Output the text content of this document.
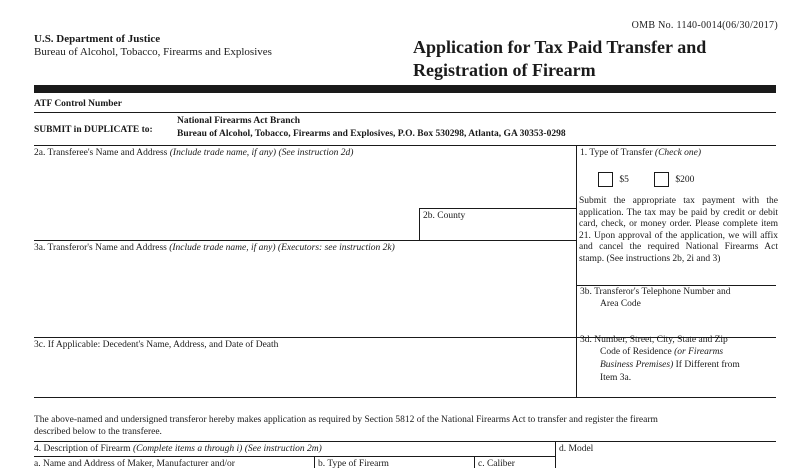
OMB No. 1140-0014(06/30/2017)
U.S. Department of Justice
Bureau of Alcohol, Tobacco, Firearms and Explosives	Application for Tax Paid Transfer and
Registration of Firearm
ATF Control Number
SUBMIT in DUPLICATE to:
National Firearms Act Branch
Bureau of Alcohol, Tobacco, Firearms and Explosives, P.O. Box 530298, Atlanta, GA 30353-0298
2a. Transferee's Name and Address (Include trade name, if any) (See instruction 2d)
2b. County
3a. Transferor's Name and Address (Include trade name, if any) (Executors: see instruction 2k)
3c. If Applicable: Decedent's Name, Address, and Date of Death
1. Type of Transfer (Check one)
$5	$200
Submit the appropriate tax payment with the application. The tax may be paid by credit or debit card, check, or money order. Please complete item 21. Upon approval of the application, we will affix and cancel the required National Firearms Act stamp. (See instructions 2b, 2i and 3)
3b. Transferor's Telephone Number and
Area Code
3d. Number, Street, City, State and Zip
Code of Residence (or Firearms
Business Premises) If Different from
Item 3a.
The above-named and undersigned transferor hereby makes application as required by Section 5812 of the National Firearms Act to transfer and register the firearm
described below to the transferee.
4. Description of Firearm (Complete items a through i) (See instruction 2m)	d. Model
a. Name and Address of Maker, Manufacturer and/or	b. Type of Firearm	c. Caliber
